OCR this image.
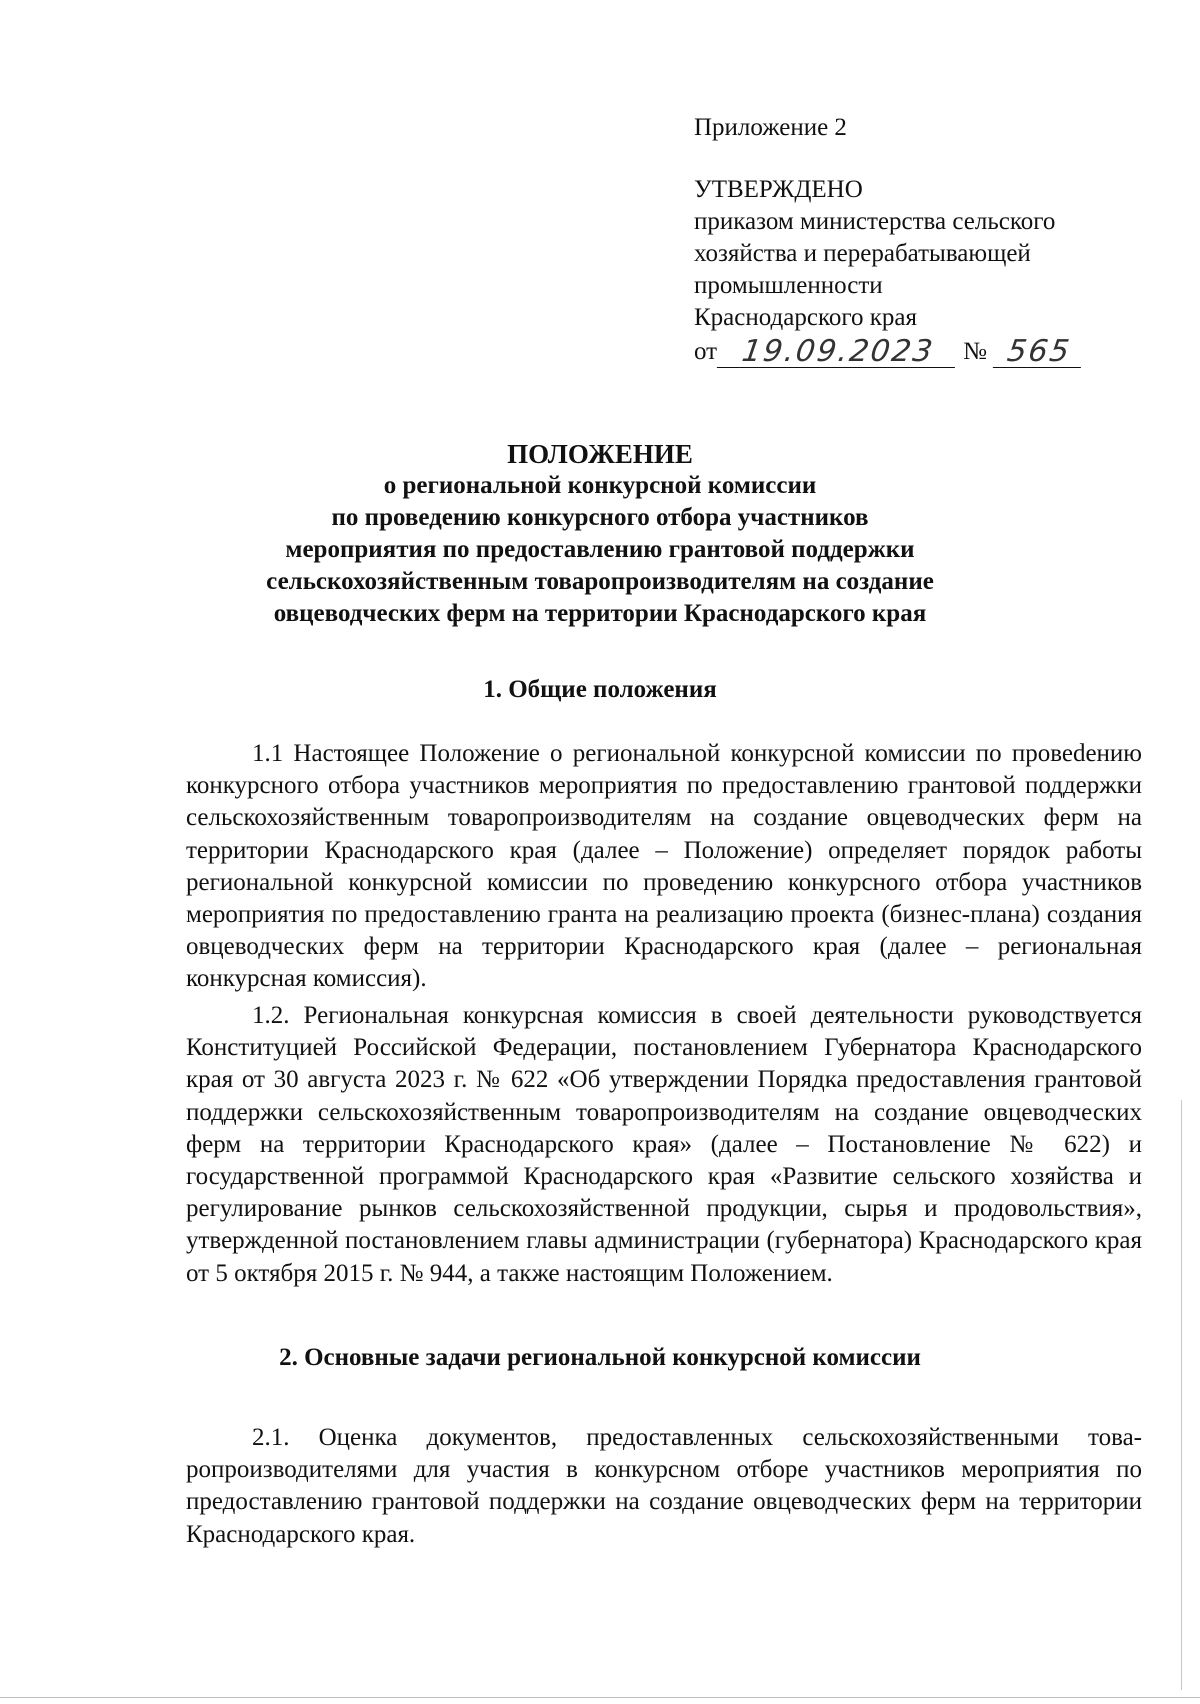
Приложение 2
УТВЕРЖДЕНО
приказом министерства сельского
хозяйства и перерабатывающей
промышленности
Краснодарского края
от 19.09.2023	№ 565
ПОЛОЖЕНИЕ
о региональной конкурсной комиссии
по проведению конкурсного отбора участников
мероприятия по предоставлению грантовой поддержки
сельскохозяйственным товаропроизводителям на создание
овцеводческих ферм на территории Краснодарского края
1. Общие положения
1.1 Настоящее Положение о региональной конкурсной комиссии по провеdению конкурсного отбора участников мероприятия по предоставлению грантовой поддержки сельскохозяйственным товаропроизводителям на создание овцеводческих ферм на территории Краснодарского края (далее – Положение) определяет порядок работы региональной конкурсной комиссии по проведению конкурсного отбора участников мероприятия по предоставлению гранта на реализацию проекта (бизнес-плана) создания овцеводческих ферм на территории Краснодарского края (далее – региональная конкурсная комиссия).
1.2. Региональная конкурсная комиссия в своей деятельности руководствуется Конституцией Российской Федерации, постановлением Губернатора Краснодарского края от 30 августа 2023 г. № 622 «Об утверждении Порядка предоставления грантовой поддержки сельскохозяйственным товаропроизводителям на создание овцеводческих ферм на территории Краснодарского края» (далее – Постановление № 622) и государственной программой Краснодарского края «Развитие сельского хозяйства и регулирование рынков сельскохозяйственной продукции, сырья и продовольствия», утвержденной постановлением главы администрации (губернатора) Краснодарского края от 5 октября 2015 г. № 944, а также настоящим Положением.
2. Основные задачи региональной конкурсной комиссии
2.1. Оценка документов, предоставленных сельскохозяйственными товаропроизводителями для участия в конкурсном отборе участников мероприятия по предоставлению грантовой поддержки на создание овцеводческих ферм на территории Краснодарского края.
